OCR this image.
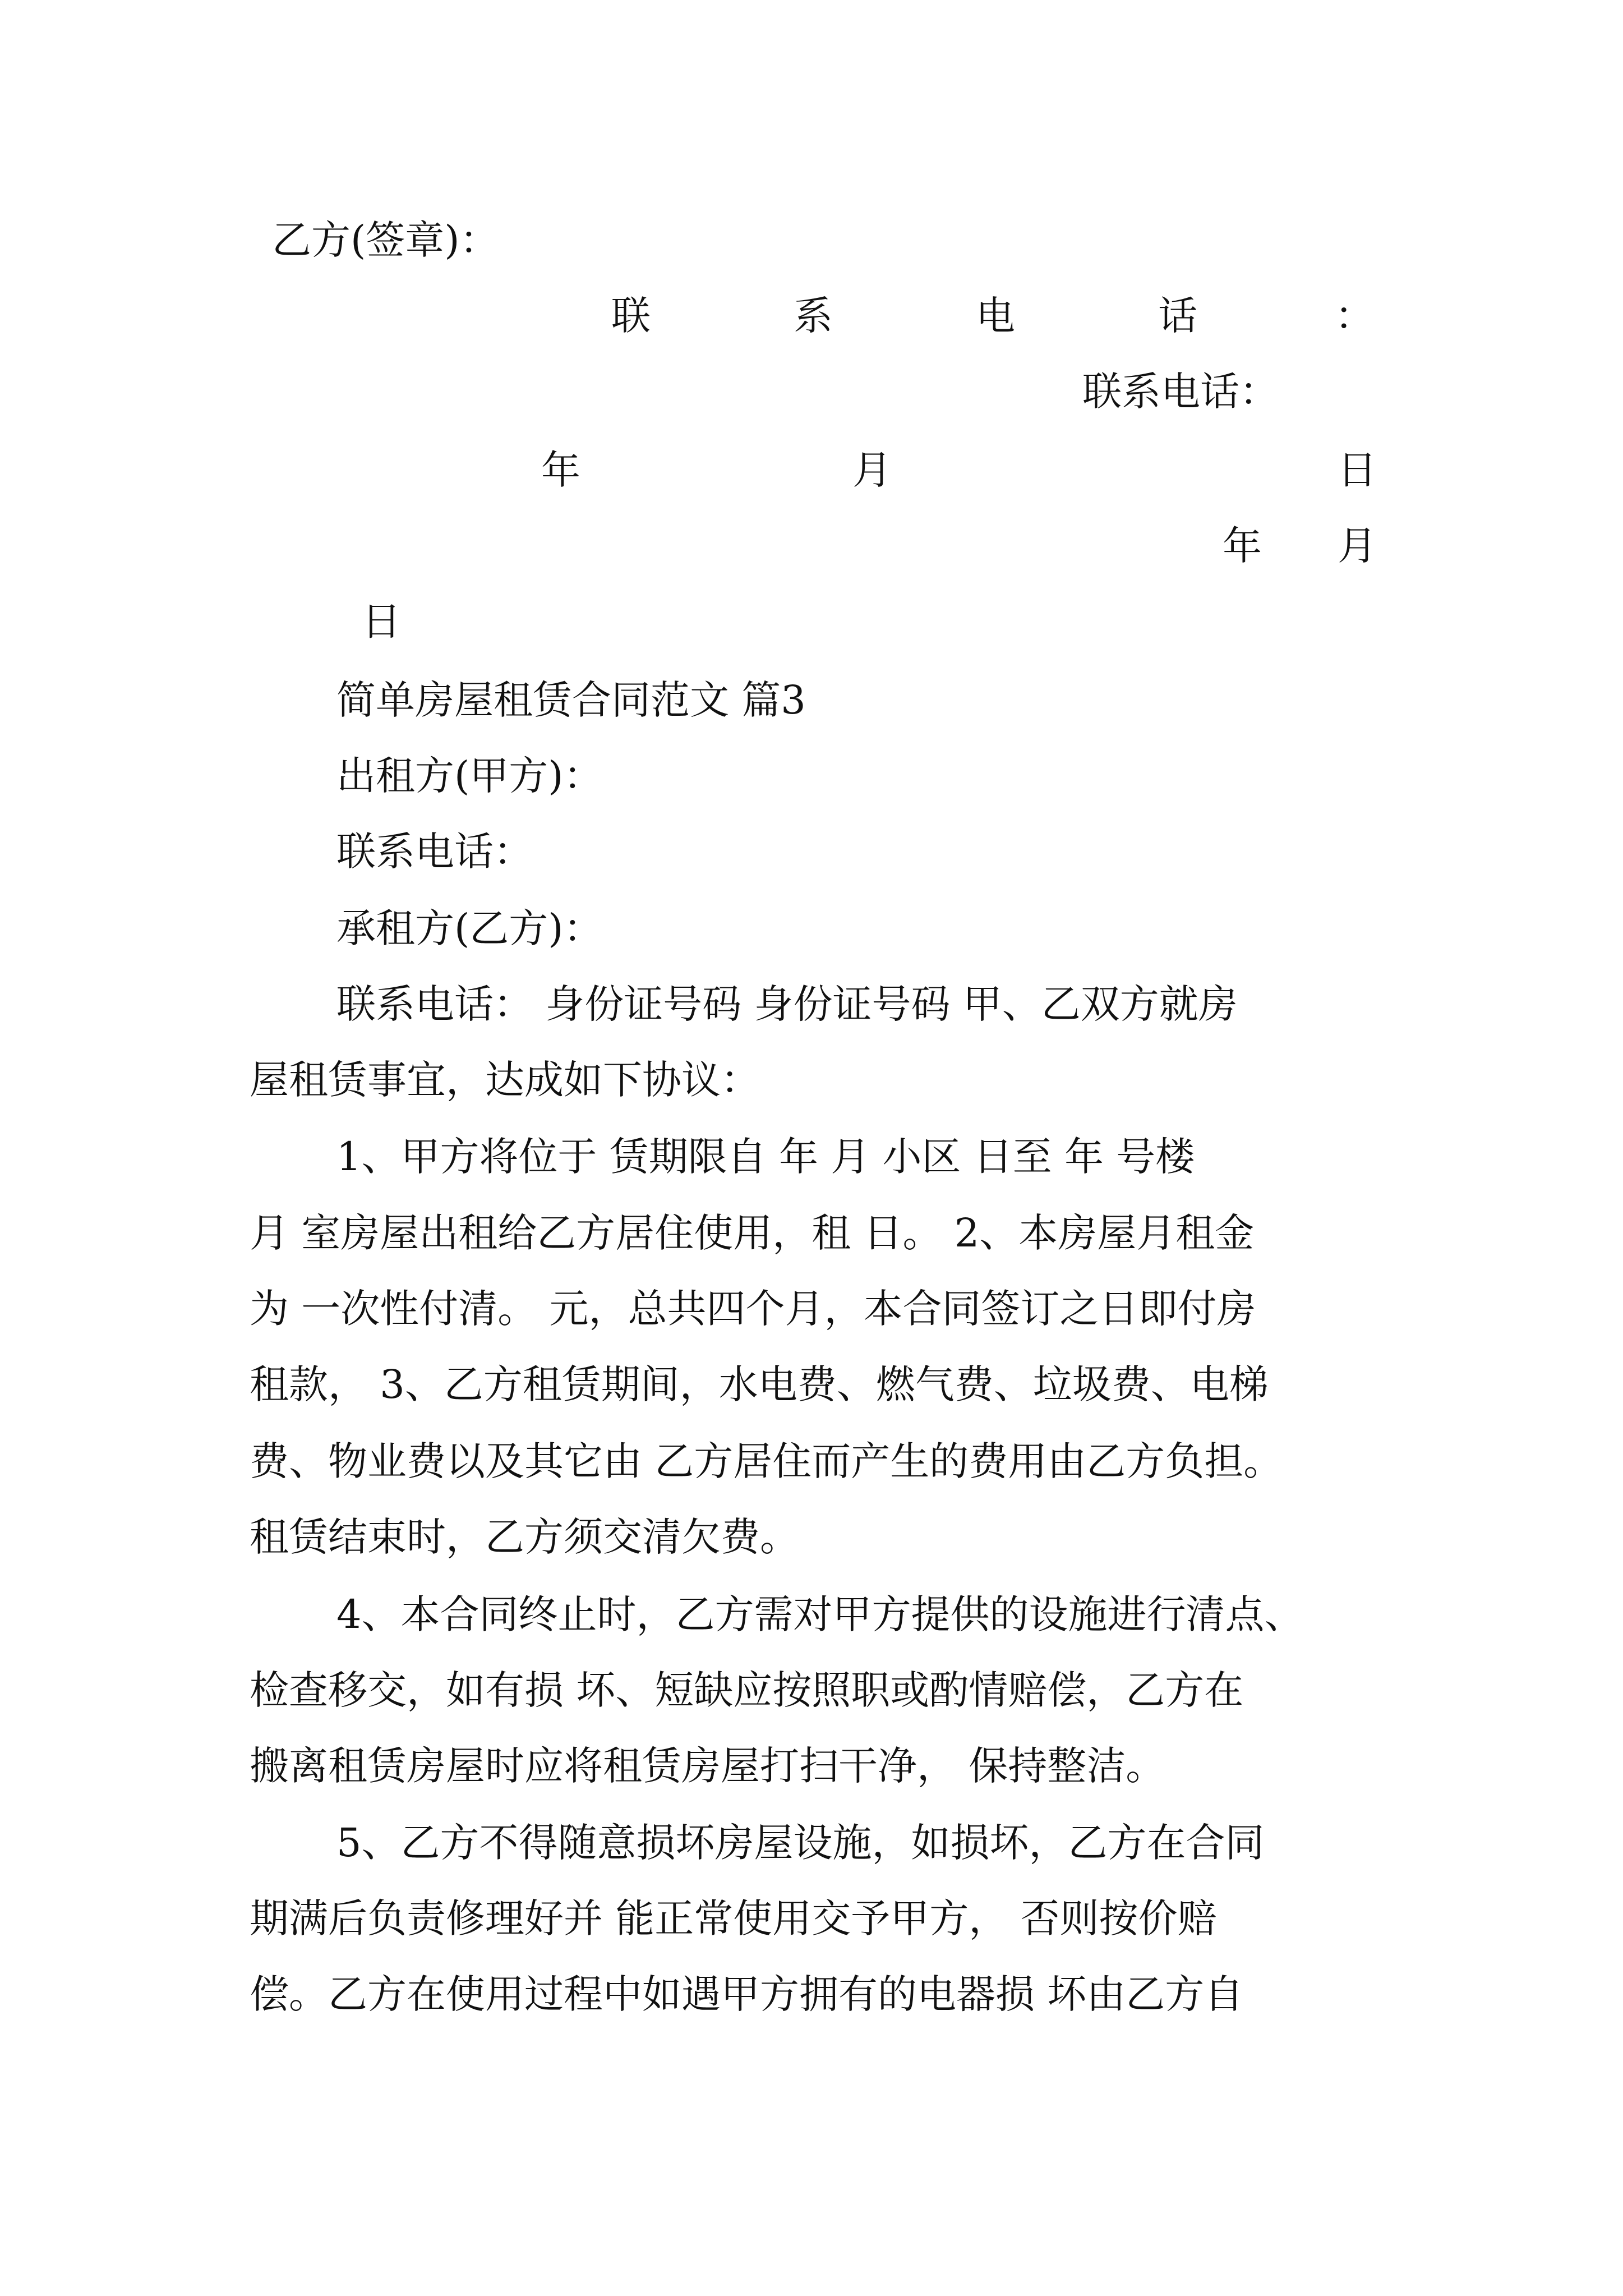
乙方(签章)：
联	系	电	话	：
联系电话：
年	月	日
年 月
日
简单房屋租赁合同范文 篇3
出租方(甲方)：
联系电话：
承租方(乙方)：
联系电话： 身份证号码 身份证号码 甲、乙双方就房
屋租赁事宜，达成如下协议：
1、甲方将位于 赁期限自 年 月 小区 日至 年 号楼
月 室房屋出租给乙方居住使用，租 日。 2、本房屋月租金
为 一次性付清。 元，总共四个月，本合同签订之日即付房
租款， 3、乙方租赁期间，水电费、燃气费、垃圾费、电梯
费、物业费以及其它由 乙方居住而产生的费用由乙方负担。
租赁结束时，乙方须交清欠费。
4、本合同终止时，乙方需对甲方提供的设施进行清点、
检查移交，如有损 坏、短缺应按照职或酌情赔偿，乙方在
搬离租赁房屋时应将租赁房屋打扫干净， 保持整洁。
5、乙方不得随意损坏房屋设施，如损坏，乙方在合同
期满后负责修理好并 能正常使用交予甲方， 否则按价赔
偿。乙方在使用过程中如遇甲方拥有的电器损 坏由乙方自
